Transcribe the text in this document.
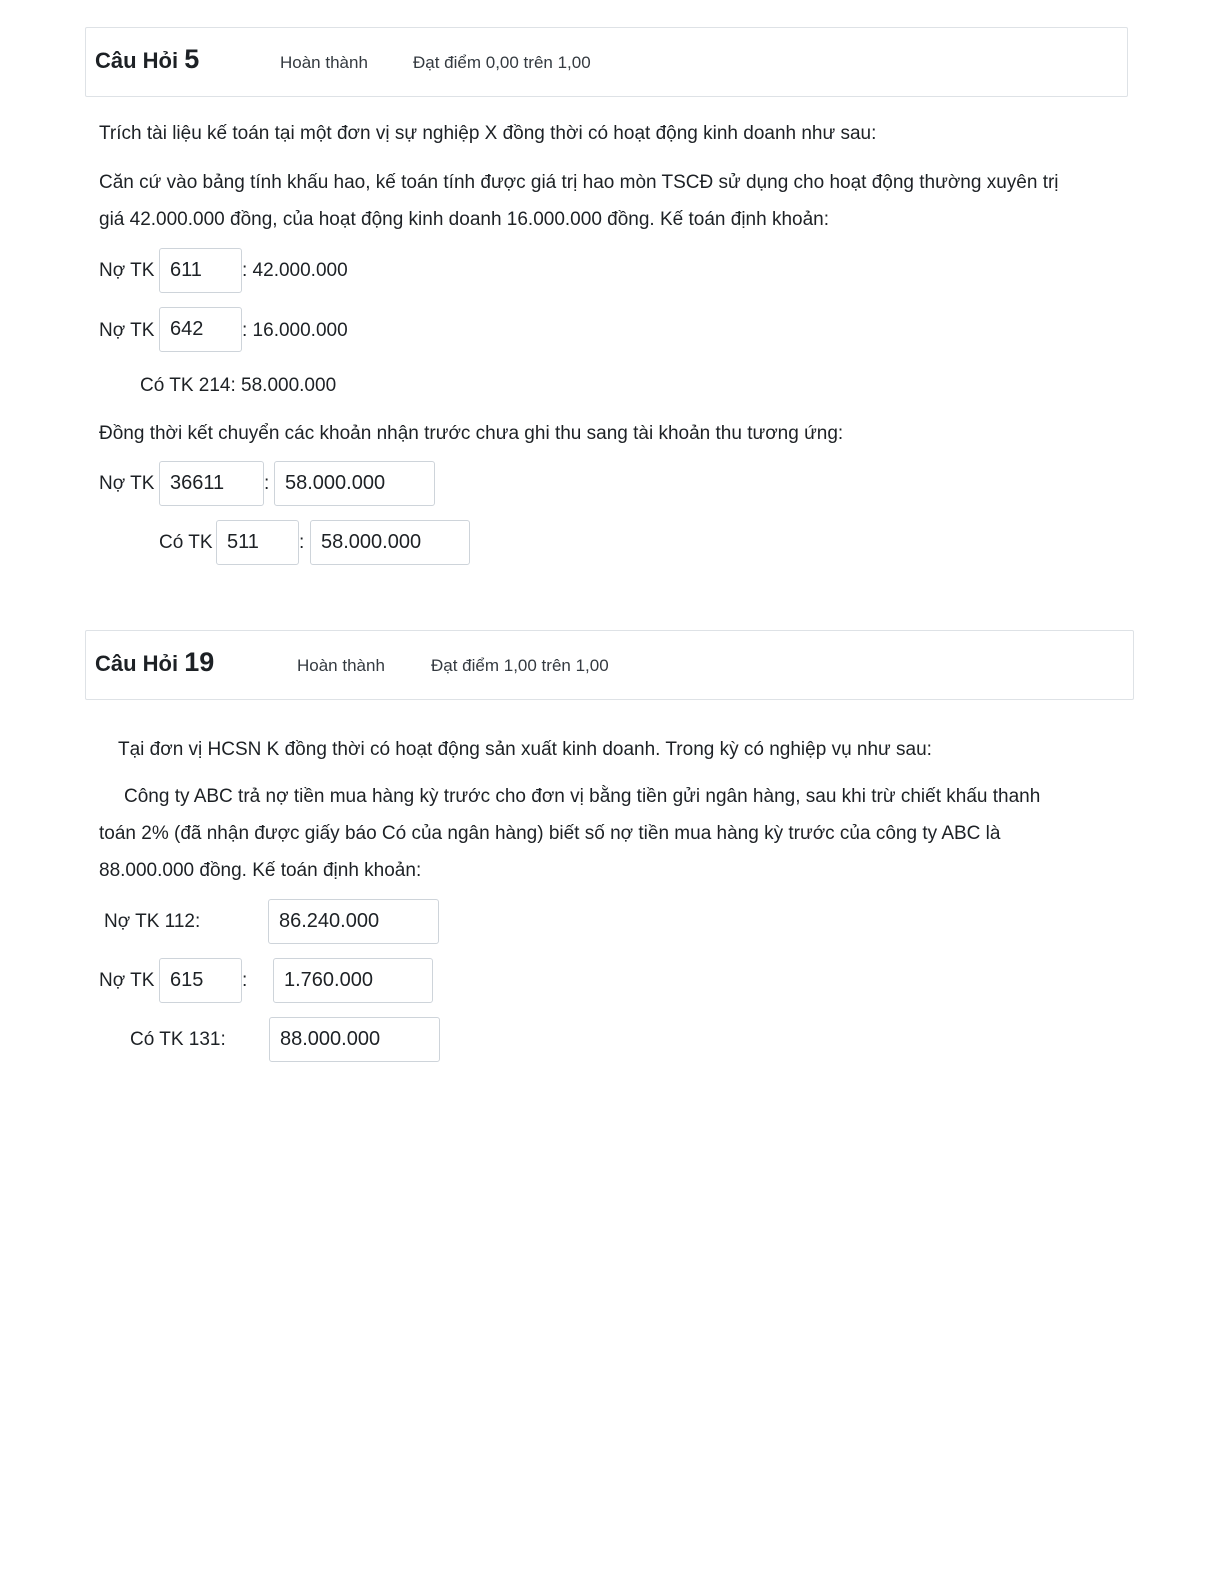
Câu Hỏi 5	Hoàn thành	Đạt điểm 0,00 trên 1,00
Trích tài liệu kế toán tại một đơn vị sự nghiệp X đồng thời có hoạt động kinh doanh như sau:
Căn cứ vào bảng tính khấu hao, kế toán tính được giá trị hao mòn TSCĐ sử dụng cho hoạt động thường xuyên trị
giá 42.000.000 đồng, của hoạt động kinh doanh 16.000.000 đồng. Kế toán định khoản:
Nợ TK 611	: 42.000.000
Nợ TK 642	: 16.000.000
Có TK 214: 58.000.000
Đồng thời kết chuyển các khoản nhận trước chưa ghi thu sang tài khoản thu tương ứng:
Nợ TK 36611	: 58.000.000
Có TK 511	: 58.000.000
Câu Hỏi 19	Hoàn thành	Đạt điểm 1,00 trên 1,00
Tại đơn vị HCSN K đồng thời có hoạt động sản xuất kinh doanh. Trong kỳ có nghiệp vụ như sau:
Công ty ABC trả nợ tiền mua hàng kỳ trước cho đơn vị bằng tiền gửi ngân hàng, sau khi trừ chiết khấu thanh
toán 2% (đã nhận được giấy báo Có của ngân hàng) biết số nợ tiền mua hàng kỳ trước của công ty ABC là
88.000.000 đồng. Kế toán định khoản:
Nợ TK 112:	86.240.000
Nợ TK 615	:	1.760.000
Có TK 131:	88.000.000
